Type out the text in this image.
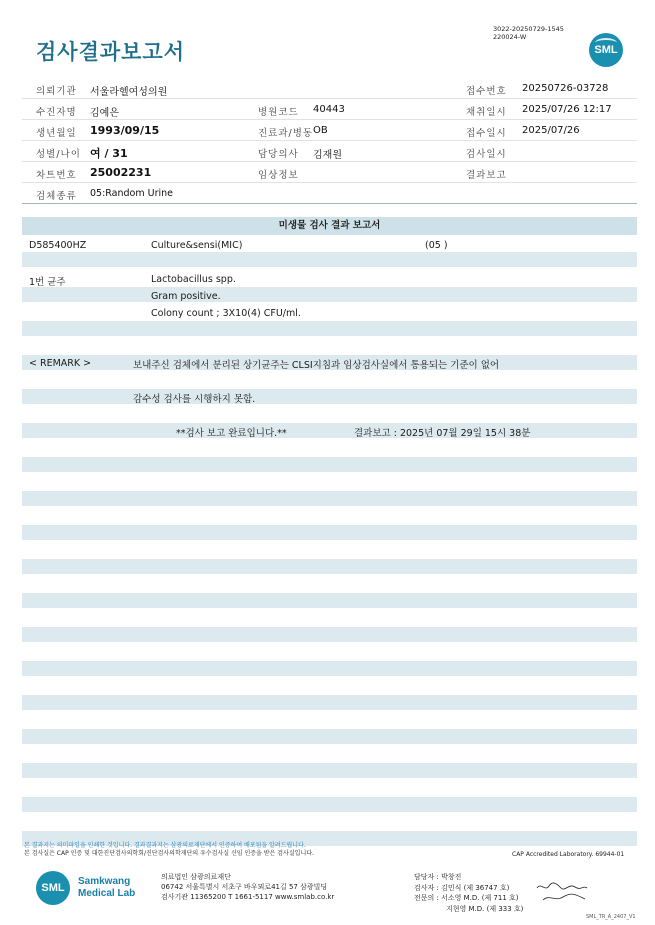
검사결과보고서
3022-20250729-1545
220024-W
SML
의뢰기관 서울라헬여성의원	접수번호 20250726-03728
수진자명 김예은	병원코드 40443	채취일시 2025/07/26 12:17
생년월일 1993/09/15	진료과/병동 OB	접수일시 2025/07/26
성별/나이 여 / 31	담당의사 김재원	검사일시
차트번호 25002231	임상정보	결과보고
검체종류 05:Random Urine
미생물 검사 결과 보고서
D585400HZ	Culture&sensi(MIC)	(05 )
1번 균주	Lactobacillus spp.
Gram positive.
Colony count ; 3X10(4) CFU/ml.
< REMARK >	보내주신 검체에서 분리된 상기균주는 CLSI지침과 임상검사실에서 통용되는 기준이 없어
감수성 검사를 시행하지 못함.
**검사 보고 완료입니다.**	결과보고 : 2025년 07월 29일 15시 38분
본 결과지는 의미파일을 인쇄한 것입니다. 결과결과지는 삼광의료재단에서 인증하여 배포됨을 알려드립니다.
본 검사실은 CAP 인증 및 대한진단검사의학회/진단검사의학재단의 우수검사실 신임 인증을 받은 검사실입니다.	CAP Accredited Laboratory. 69944-01
SML
Samkwang
Medical Lab
의료법인 삼광의료재단
06742 서울특별시 서초구 바우뫼로41길 57 삼광빌딩
검사기관 11365200 T 1661-5117 www.smlab.co.kr
담당자 : 박창진
검사자 : 김민식 (제 36747 호)
전문의 : 서소영 M.D. (제 711 호)
지현영 M.D. (제 333 호)
SML_TR_A_2407_V1
